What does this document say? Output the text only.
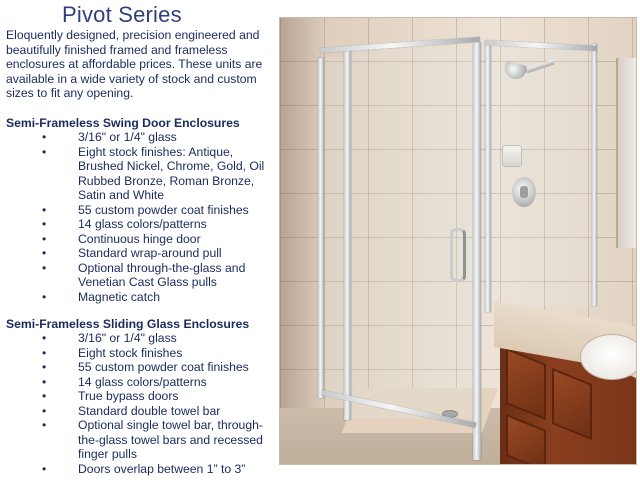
Pivot Series
Eloquently designed, precision engineered and beautifully finished framed and frameless enclosures at affordable prices. These units are available in a wide variety of stock and custom sizes to fit any opening.
Semi-Frameless Swing Door Enclosures
• 3/16" or 1/4" glass
• Eight stock finishes: Antique, Brushed Nickel, Chrome, Gold, Oil Rubbed Bronze, Roman Bronze, Satin and White
• 55 custom powder coat finishes
• 14 glass colors/patterns
• Continuous hinge door
• Standard wrap-around pull
• Optional through-the-glass and Venetian Cast Glass pulls
• Magnetic catch
Semi-Frameless Sliding Glass Enclosures
• 3/16" or 1/4" glass
• Eight stock finishes
• 55 custom powder coat finishes
• 14 glass colors/patterns
• True bypass doors
• Standard double towel bar
• Optional single towel bar, through-the-glass towel bars and recessed finger pulls
• Doors overlap between 1” to 3”
